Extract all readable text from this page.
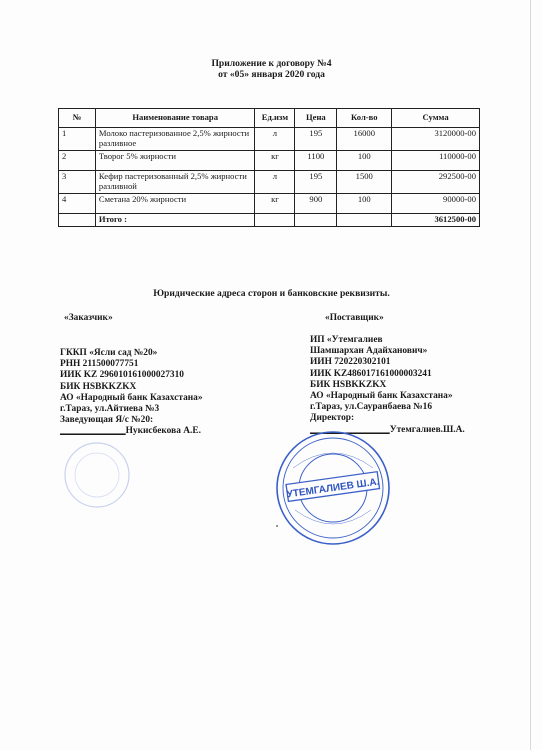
Приложение к договору №4
от «05» января 2020 года
№	Наименование товара	Ед.изм	Цена	Кол-во	Сумма
1	Молоко пастеризованное 2,5% жирности разливное	л	195	16000	3120000-00
2	Творог 5% жирности	кг	1100	100	110000-00
3	Кефир пастеризованный 2,5% жирности разливной	л	195	1500	292500-00
4	Сметана 20% жирности	кг	900	100	90000-00
	Итого :				3612500-00
Юридические адреса сторон и банковские реквизиты.
«Заказчик»	«Поставщик»
ГККП «Ясли сад №20»
РНН 211500077751
ИИК KZ 296010161000027310
БИК HSBKKZKX
АО «Народный банк Казахстана»
г.Тараз, ул.Айтиева №3
Заведующая Я/с №20:
______________Нукисбекова А.Е.
ИП «Утемгалиев
Шамшархан Адайханович»
ИИН 720220302101
ИИК KZ486017161000003241
БИК HSBKKZKX
АО «Народный банк Казахстана»
г.Тараз, ул.Сауранбаева №16
Директор:
_________________Утемгалиев.Ш.А.
УТЕМГАЛИЕВ Ш.А.
